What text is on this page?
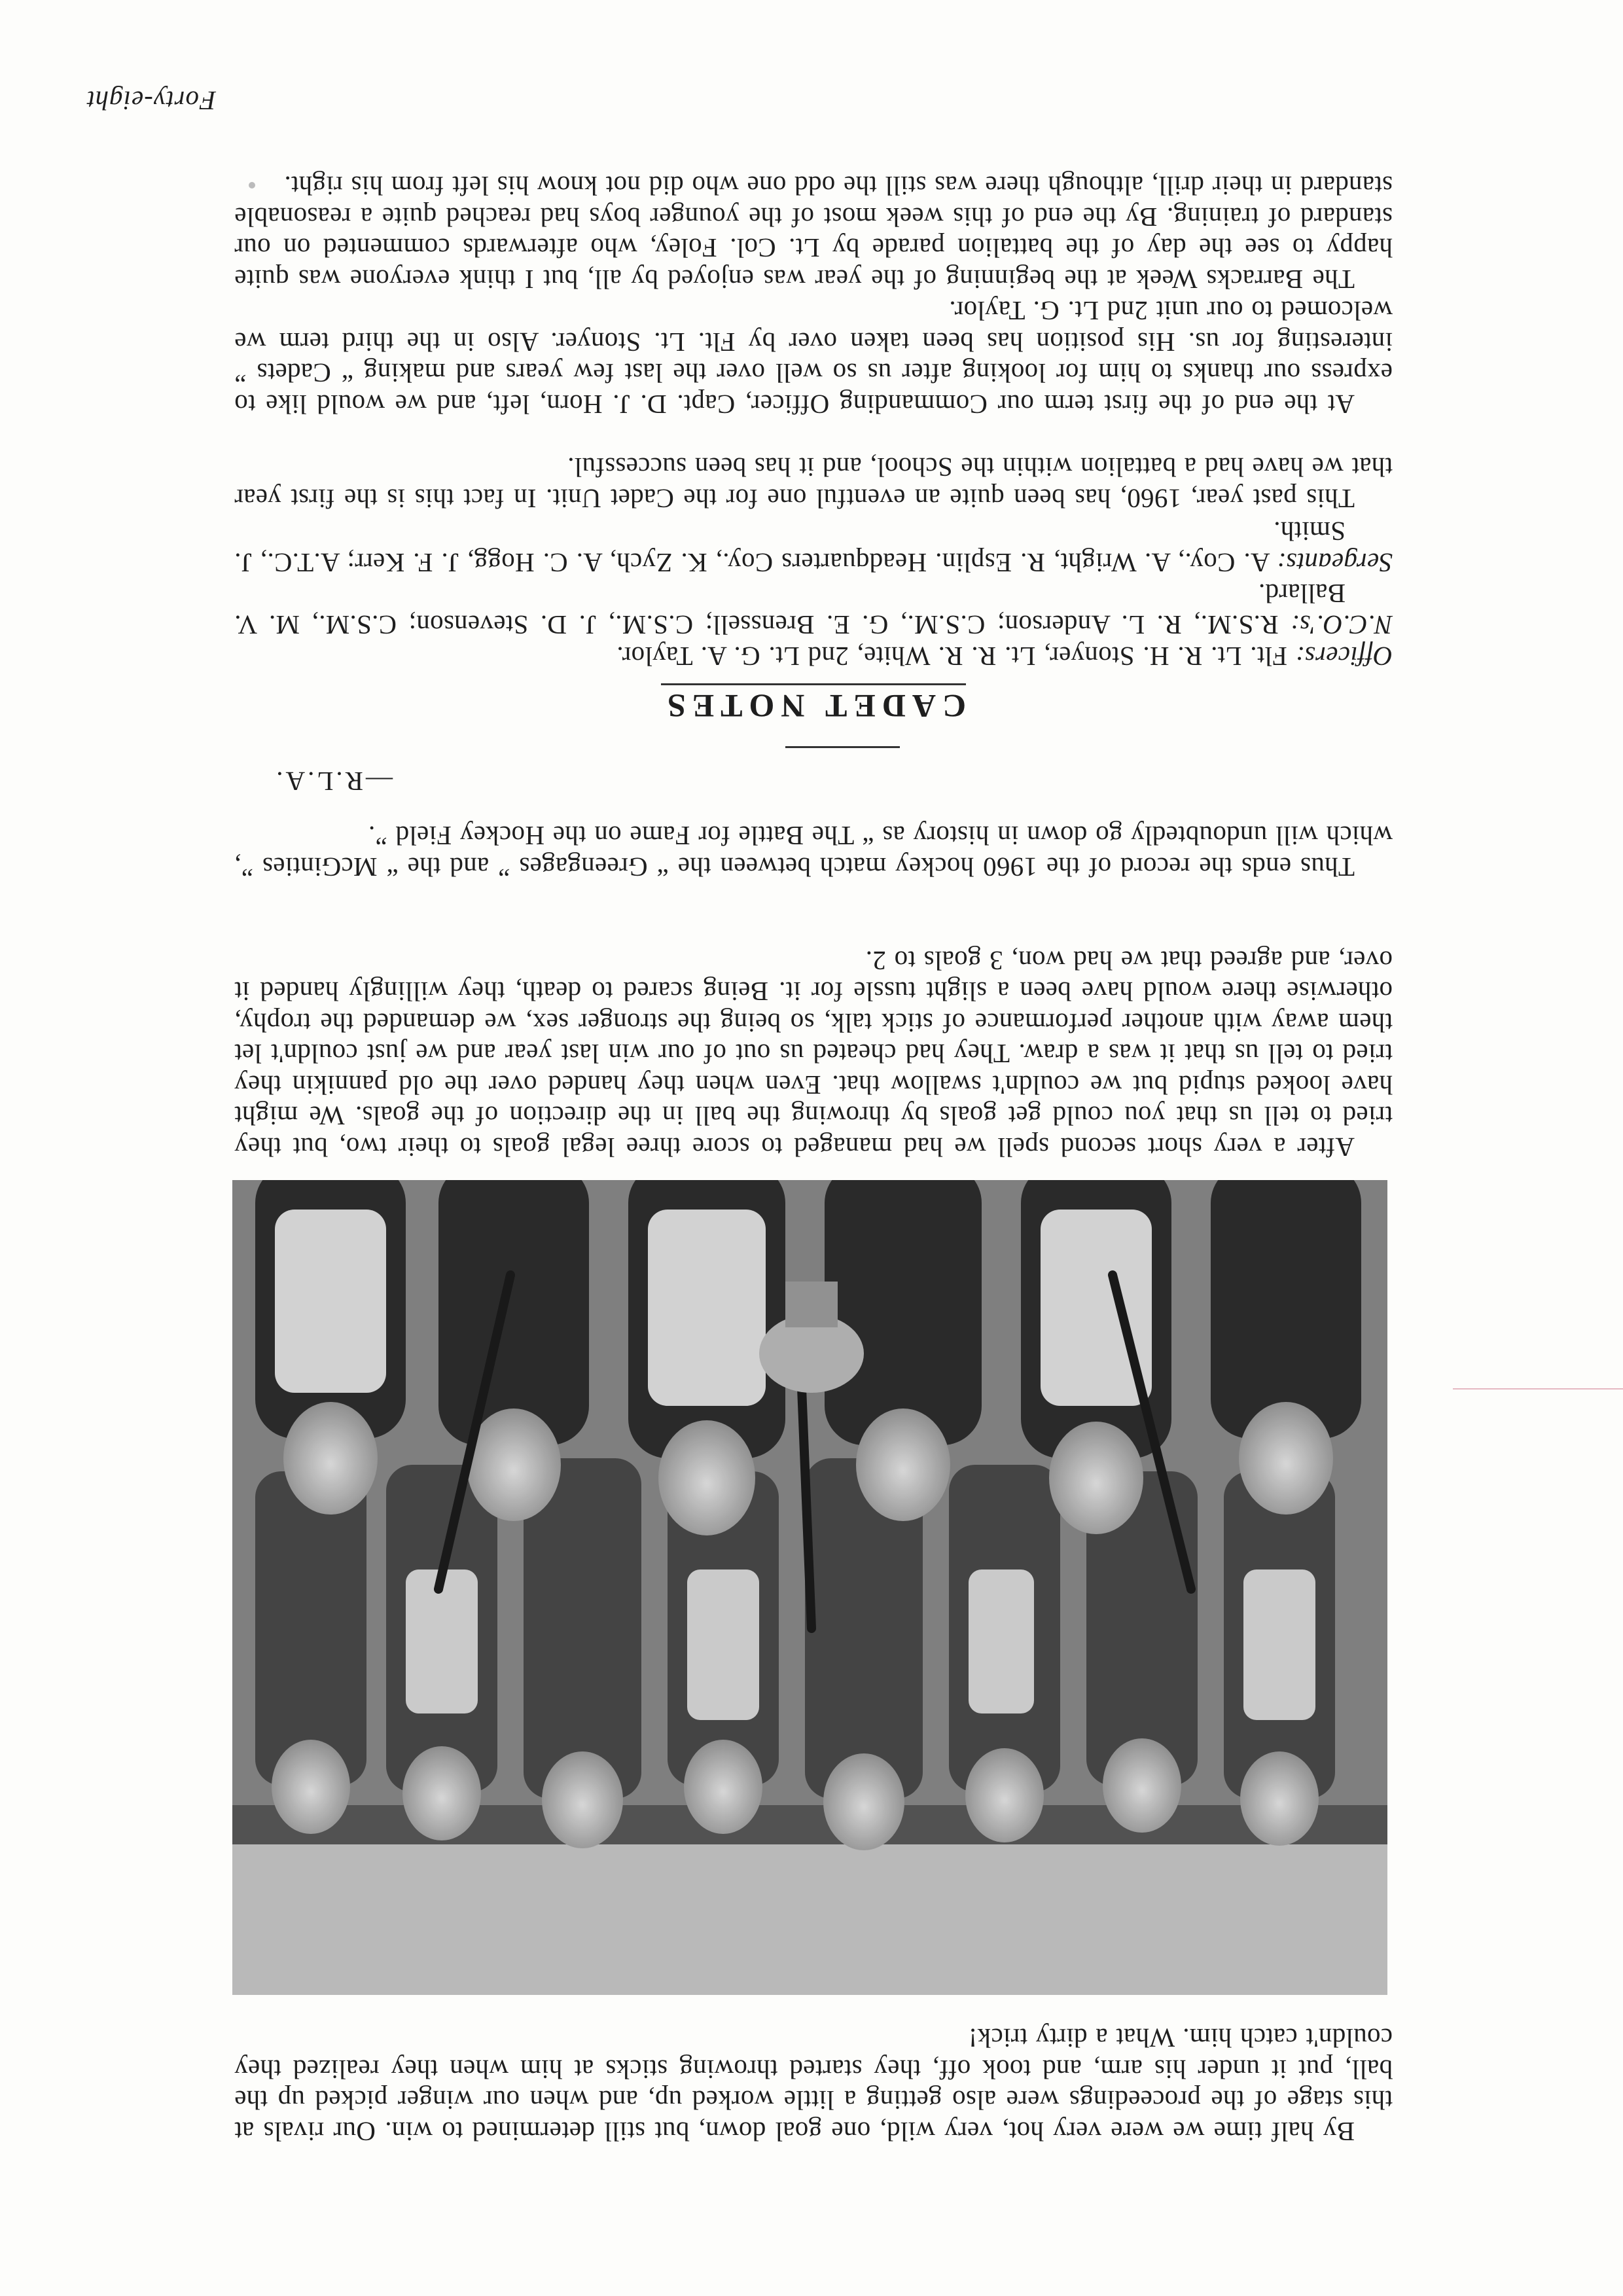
By half time we were very hot, very wild, one goal down, but still determined to win. Our rivals at this stage of the proceedings were also getting a little worked up, and when our winger picked up the ball, put it under his arm, and took off, they started throwing sticks at him when they realized they couldn't catch him. What a dirty trick!

After a very short second spell we had managed to score three legal goals to their two, but they tried to tell us that you could get goals by throwing the ball in the direction of the goals. We might have looked stupid but we couldn't swallow that. Even when they handed over the old pannikin they tried to tell us that it was a draw. They had cheated us out of our win last year and we just couldn't let them away with another performance of stick talk, so being the stronger sex, we demanded the trophy, otherwise there would have been a slight tussle for it. Being scared to death, they willingly handed it over, and agreed that we had won, 3 goals to 2.

Thus ends the record of the 1960 hockey match between the “ Greengages ” and the “ McGinties ”, which will undoubtedly go down in history as “ The Battle for Fame on the Hockey Field ”.

—R.L.A.
CADET NOTES

Officers: Flt. Lt. R. H. Stonyer, Lt. R. R. White, 2nd Lt. G. A. Taylor.

N.C.O.'s: R.S.M., R. L. Anderson; C.S.M., G. E. Brenssell; C.S.M., J. D. Stevenson; C.S.M., M. V. Ballard.

Sergeants: A. Coy., A. Wright, R. Esplin. Headquarters Coy., K. Zych, A. C. Hogg, J. F. Kerr; A.T.C., J. Smith.

This past year, 1960, has been quite an eventful one for the Cadet Unit. In fact this is the first year that we have had a battalion within the School, and it has been successful.

At the end of the first term our Commanding Officer, Capt. D. J. Horn, left, and we would like to express our thanks to him for looking after us so well over the last few years and making “ Cadets ” interesting for us. His position has been taken over by Flt. Lt. Stonyer. Also in the third term we welcomed to our unit 2nd Lt. G. Taylor.

The Barracks Week at the beginning of the year was enjoyed by all, but I think everyone was quite happy to see the day of the battalion parade by Lt. Col. Foley, who afterwards commented on our standard of training. By the end of this week most of the younger boys had reached quite a reasonable standard in their drill, although there was still the odd one who did not know his left from his right.

Forty-eight
